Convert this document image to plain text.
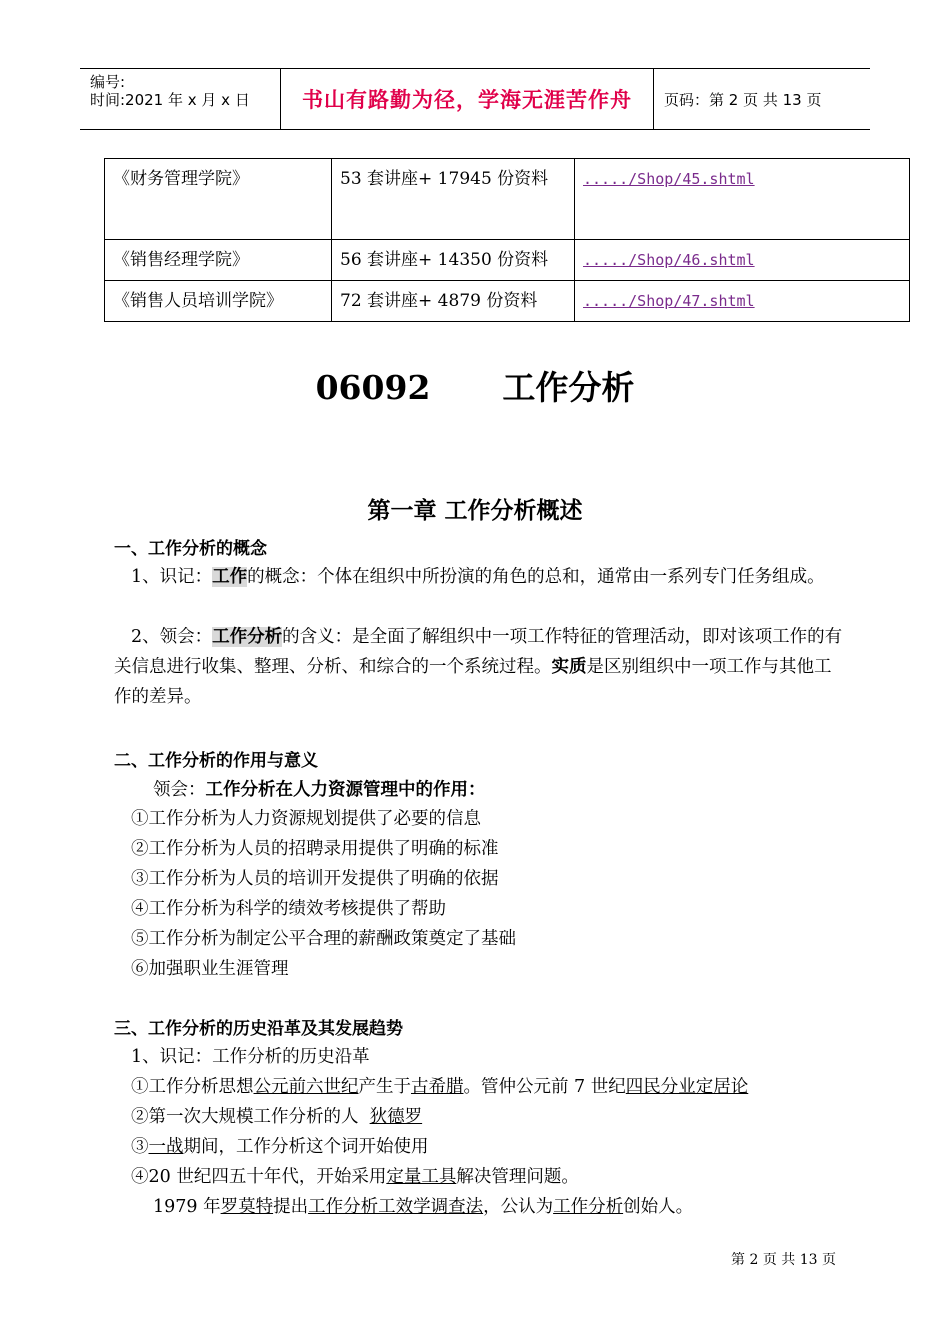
编号:
时间:2021 年 x 月 x 日 书山有路勤为径，学海无涯苦作舟 页码：第 2 页 共 13 页
《财务管理学院》	53 套讲座+ 17945 份资料	...../Shop/45.shtml
《销售经理学院》	56 套讲座+ 14350 份资料	...../Shop/46.shtml
《销售人员培训学院》	72 套讲座+ 4879 份资料	...../Shop/47.shtml
06092 工作分析
第一章 工作分析概述
一、工作分析的概念
1、识记：工作的概念：个体在组织中所扮演的角色的总和，通常由一系列专门任务组成。
2、领会：工作分析的含义：是全面了解组织中一项工作特征的管理活动，即对该项工作的有关信息进行收集、整理、分析、和综合的一个系统过程。实质是区别组织中一项工作与其他工作的差异。
二、工作分析的作用与意义
领会：工作分析在人力资源管理中的作用：
①工作分析为人力资源规划提供了必要的信息
②工作分析为人员的招聘录用提供了明确的标准
③工作分析为人员的培训开发提供了明确的依据
④工作分析为科学的绩效考核提供了帮助
⑤工作分析为制定公平合理的薪酬政策奠定了基础
⑥加强职业生涯管理
三、工作分析的历史沿革及其发展趋势
1、识记：工作分析的历史沿革
①工作分析思想公元前六世纪产生于古希腊。管仲公元前 7 世纪四民分业定居论
②第一次大规模工作分析的人  狄德罗
③一战期间，工作分析这个词开始使用
④20 世纪四五十年代，开始采用定量工具解决管理问题。
1979 年罗莫特提出工作分析工效学调查法，公认为工作分析创始人。
第 2 页 共 13 页
